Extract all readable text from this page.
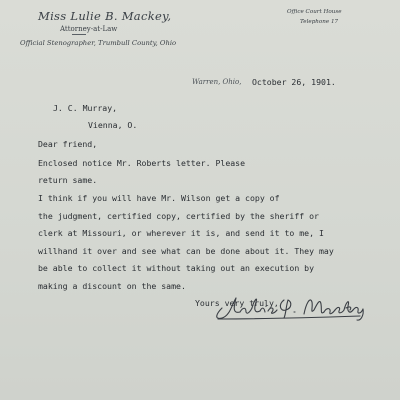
Miss Lulie B. Mackey,
Attorney-at-Law
Official Stenographer, Trumbull County, Ohio
Office Court House
Telephone 17
Warren, Ohio, October 26, 1901.
J. C. Murray,
Vienna, O.
Dear friend,
Enclosed notice Mr. Roberts letter. Please
return same.
I think if you will have Mr. Wilson get a copy of
the judgment, certified copy, certified by the sheriff or
clerk at Missouri, or wherever it is, and send it to me, I
willhand it over and see what can be done about it. They may
be able to collect it without taking out an execution by
making a discount on the same.
Yours very truly,
